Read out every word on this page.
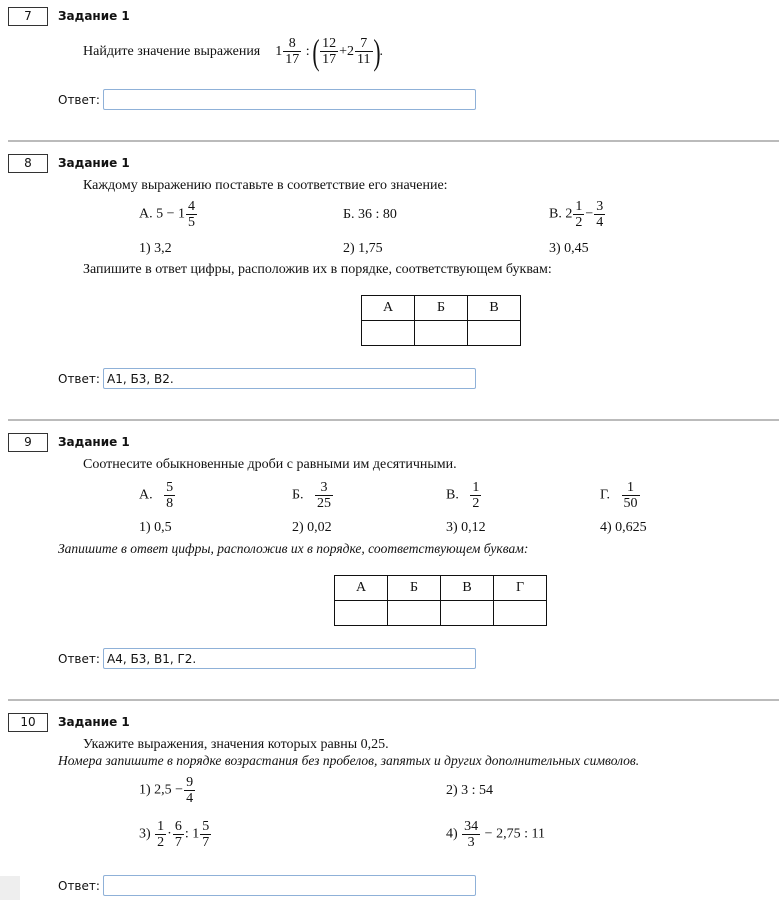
7	Задание 1
Найдите значение выражения $1 \frac{8}{17}$ : ( $\frac{12}{17} +2 \frac{7}{11}$ ).
Ответ:
8	Задание 1
Каждому выражению поставьте в соответствие его значение:
А. $5 - 1 \frac{4}{5}$	Б. 36 : 80	В. $2 \frac{1}{2} - \frac{3}{4}$
1) 3,2	2) 1,75	3) 0,45
Запишите в ответ цифры, расположив их в порядке, соответствующем буквам:
А	Б	В

Ответ:
А1, Б3, В2.
9	Задание 1
Соотнесите обыкновенные дроби с равными им десятичными.
А. $\frac{5}{8}$	Б. $\frac{3}{25}$	В. $\frac{1}{2}$	Г. $\frac{1}{50}$
1) 0,5	2) 0,02	3) 0,12	4) 0,625
Запишите в ответ цифры, расположив их в порядке, соответствующем буквам:
А	Б	В	Г

Ответ:
А4, Б3, В1, Г2.
10	Задание 1
Укажите выражения, значения которых равны 0,25.
Номера запишите в порядке возрастания без пробелов, запятых и других дополнительных символов.
1) $2,5 - \frac{9}{4}$	2) 3 : 54
$3) \frac{1}{2} \cdot \frac{6}{7}$ : $1 \frac{5}{7}$	$4) \frac{34}{3} - 2,75$ : 11
Ответ:
